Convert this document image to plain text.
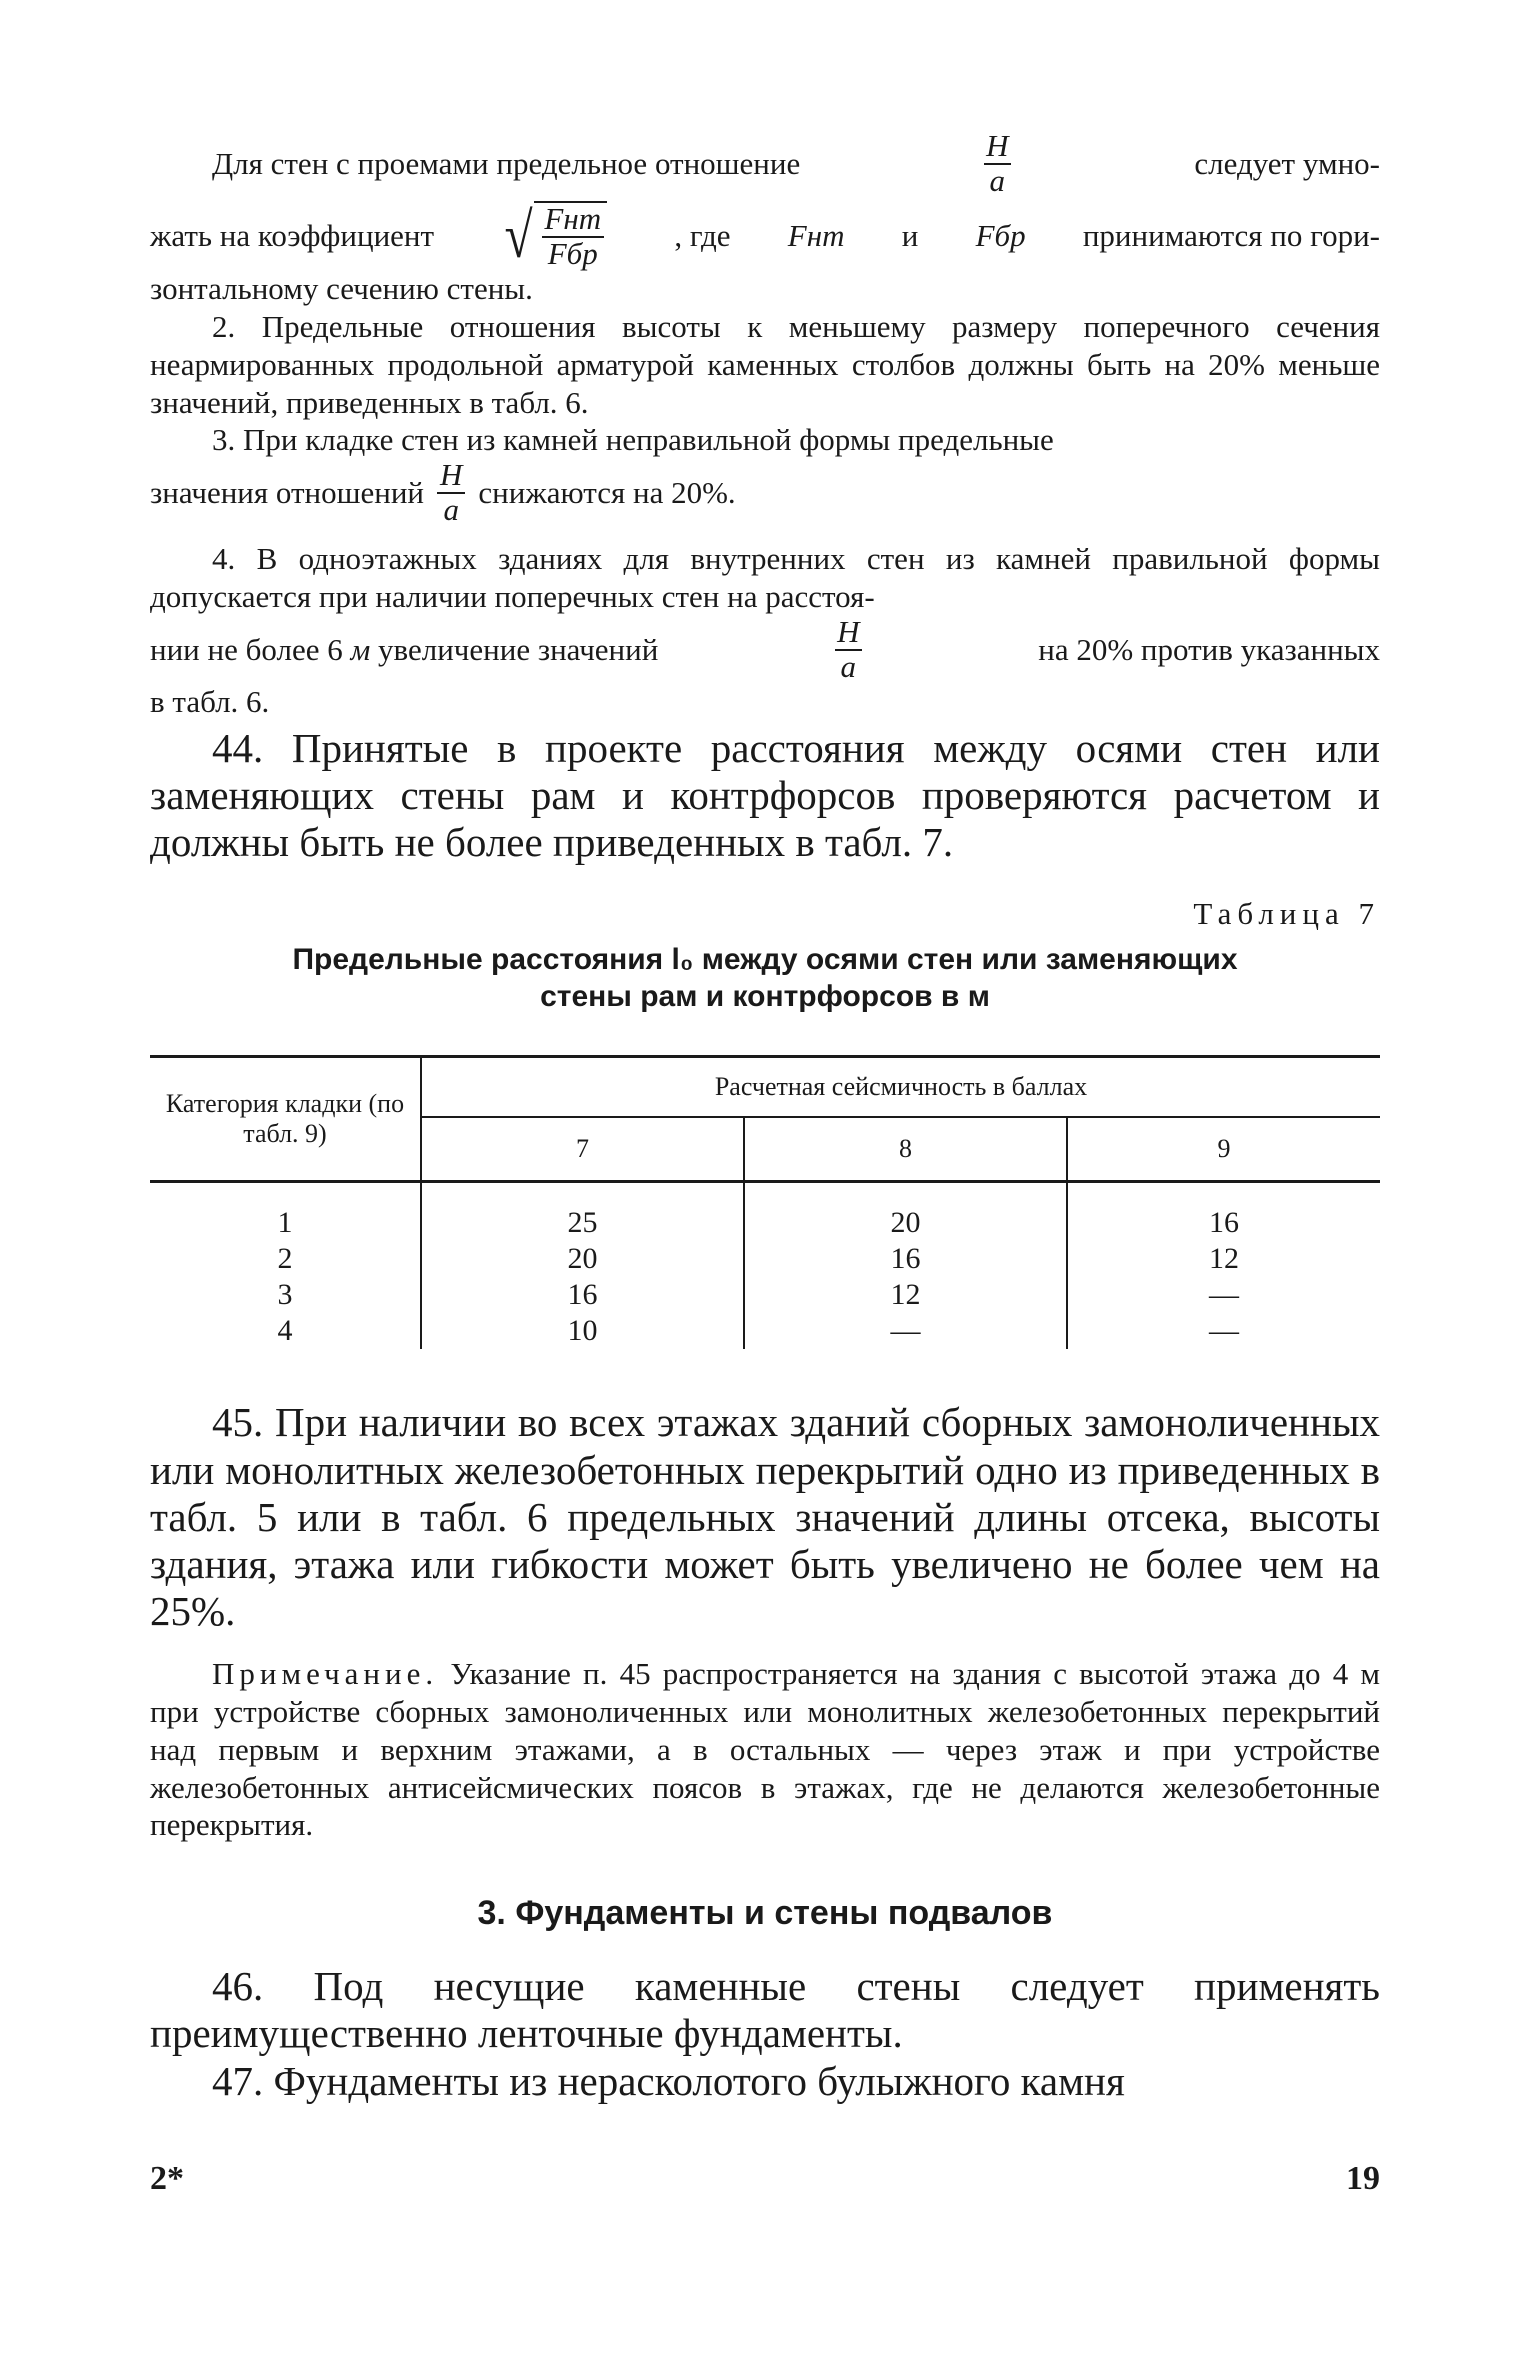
Для стен с проемами предельное отношение	$\frac{H}{a}$	следует умно-
жать на коэффициент √ $\frac{\text{Fнт}}{\text{Fбр}}$ , где Fнт и Fбр принимаются по гори-

зонтальному сечению стены.

2. Предельные отношения высоты к меньшему размеру поперечного сечения неармированных продольной арматурой каменных столбов должны быть на 20% меньше значений, приведенных в табл. 6.

3. При кладке стен из камней неправильной формы предельные

значения отношений $\frac{H}{a}$ снижаются на 20%.

4. В одноэтажных зданиях для внутренних стен из камней правильной формы допускается при наличии поперечных стен на расстоя-

нии не более 6 м увеличение значений	$\frac{H}{a}$	на 20% против указанных

в табл. 6.

44. Принятые в проекте расстояния между осями стен или заменяющих стены рам и контрфорсов проверяются расчетом и должны быть не более приведенных в табл. 7.

Таблица 7
Предельные расстояния l₀ между осями стен или заменяющих
стены рам и контрфорсов в м
Категория кладки (по табл. 9)	Расчетная сейсмичность в баллах		
	7	8	9
1	25	20	16
2	20	16	12
3	16	12	—
4	10	—	—

45. При наличии во всех этажах зданий сборных замоноличенных или монолитных железобетонных перекрытий одно из приведенных в табл. 5 или в табл. 6 предельных значений длины отсека, высоты здания, этажа или гибкости может быть увеличено не более чем на 25%.

Примечание. Указание п. 45 распространяется на здания с высотой этажа до 4 м при устройстве сборных замоноличенных или монолитных железобетонных перекрытий над первым и верхним этажами, а в остальных — через этаж и при устройстве железобетонных антисейсмических поясов в этажах, где не делаются железобетонные перекрытия.

3. Фундаменты и стены подвалов

46. Под несущие каменные стены следует применять преимущественно ленточные фундаменты.

47. Фундаменты из нерасколотого булыжного камня

2*	19
